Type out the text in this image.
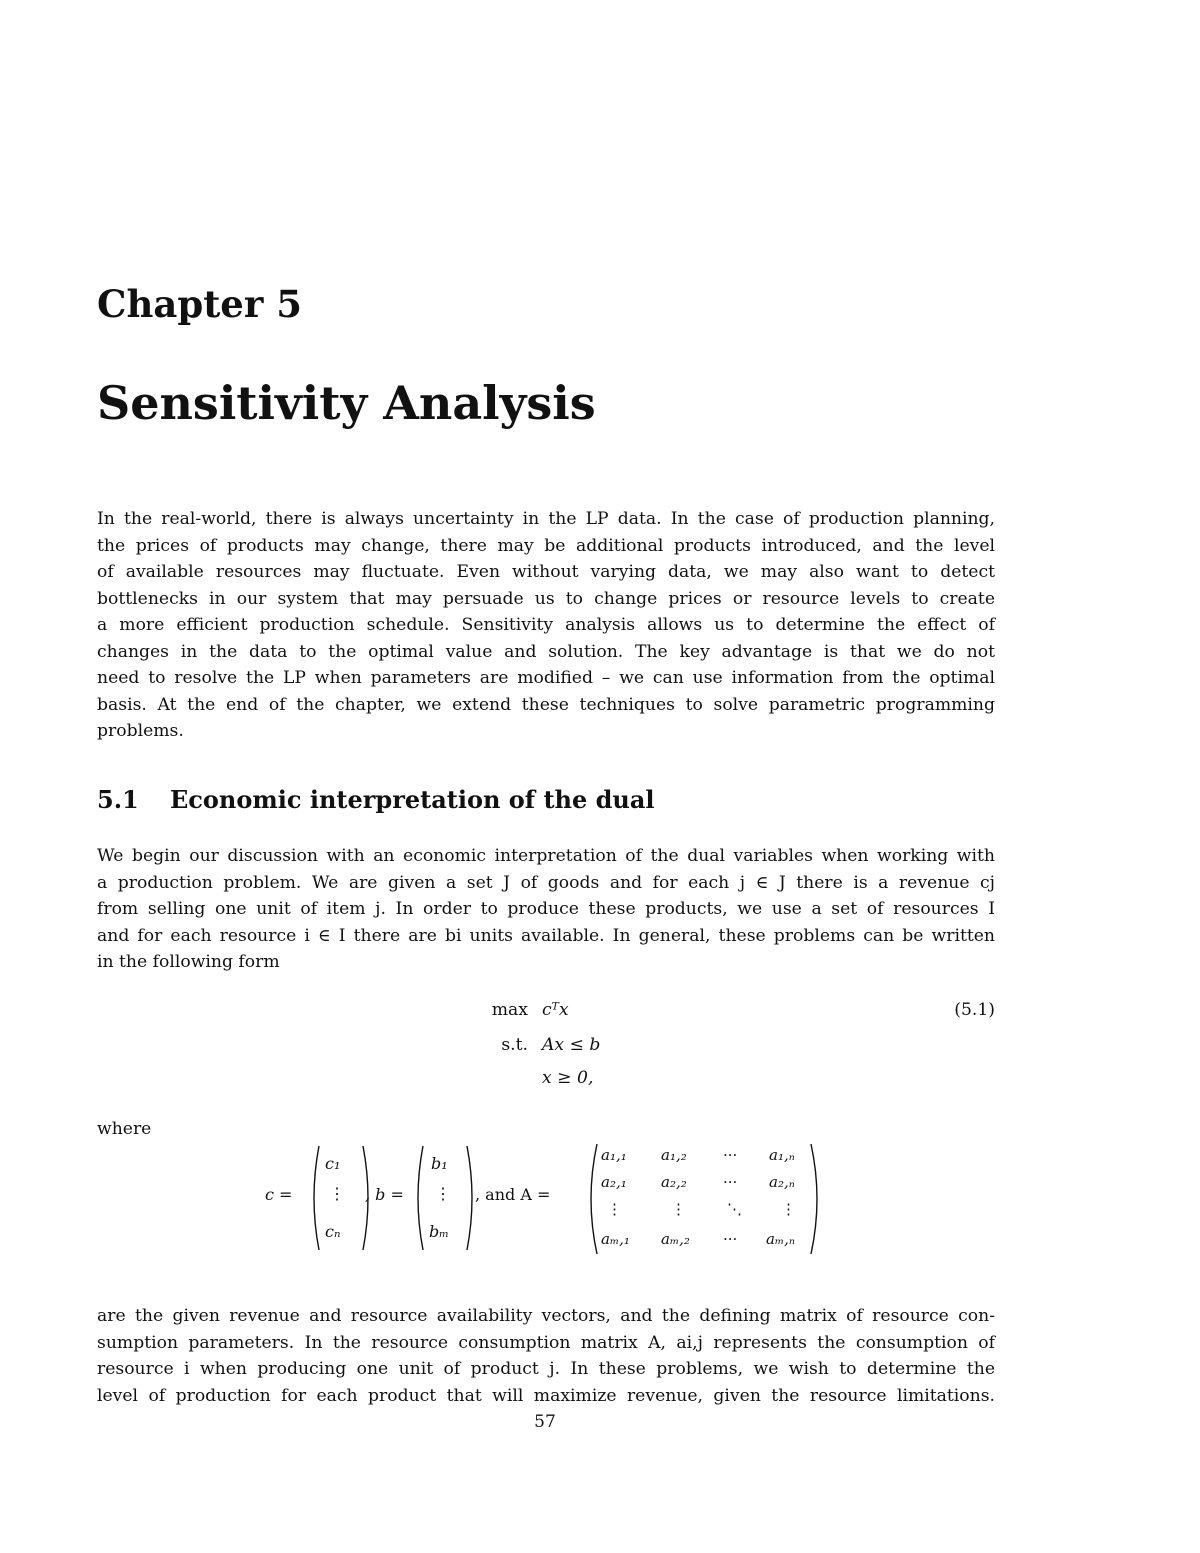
Chapter 5
Sensitivity Analysis
In the real-world, there is always uncertainty in the LP data. In the case of production planning,
the prices of products may change, there may be additional products introduced, and the level
of available resources may fluctuate. Even without varying data, we may also want to detect
bottlenecks in our system that may persuade us to change prices or resource levels to create
a more efficient production schedule. Sensitivity analysis allows us to determine the effect of
changes in the data to the optimal value and solution. The key advantage is that we do not
need to resolve the LP when parameters are modified – we can use information from the optimal
basis. At the end of the chapter, we extend these techniques to solve parametric programming
problems.
5.1 Economic interpretation of the dual
We begin our discussion with an economic interpretation of the dual variables when working with
a production problem. We are given a set J of goods and for each j ∈ J there is a revenue cj
from selling one unit of item j. In order to produce these products, we use a set of resources I
and for each resource i ∈ I there are bi units available. In general, these problems can be written
in the following form
max cᵀx	(5.1)
s.t. Ax ≤ b
x ≥ 0,
where
c =
c₁
⋮
cₙ
, b =
b₁
⋮
bₘ
, and A =
a₁,₁ a₁,₂ ··· a₁,ₙ
a₂,₁ a₂,₂ ··· a₂,ₙ
⋮	⋮	⋱	⋮
aₘ,₁ aₘ,₂ ··· aₘ,ₙ
are the given revenue and resource availability vectors, and the defining matrix of resource con-
sumption parameters. In the resource consumption matrix A, ai,j represents the consumption of
resource i when producing one unit of product j. In these problems, we wish to determine the
level of production for each product that will maximize revenue, given the resource limitations.
57
